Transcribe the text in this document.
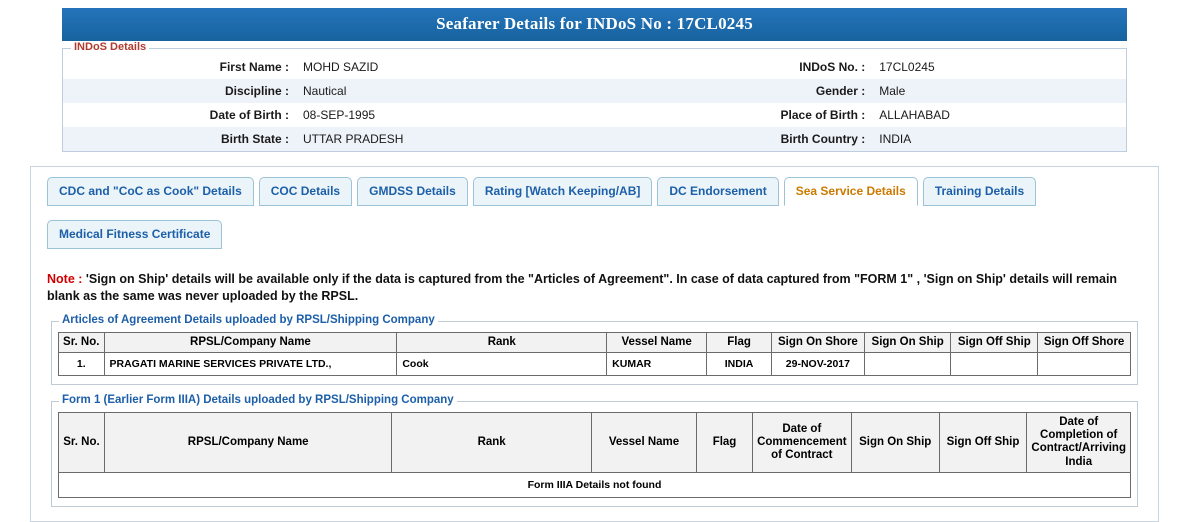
Seafarer Details for INDoS No : 17CL0245
INDoS Details
First Name :	MOHD SAZID	INDoS No. :	17CL0245
Discipline :	Nautical	Gender :	Male
Date of Birth :	08-SEP-1995	Place of Birth :	ALLAHABAD
Birth State :	UTTAR PRADESH	Birth Country :	INDIA
CDC and "CoC as Cook" Details	COC Details	GMDSS Details	Rating [Watch Keeping/AB]	DC Endorsement	Sea Service Details	Training Details
Medical Fitness Certificate
Note : 'Sign on Ship' details will be available only if the data is captured from the "Articles of Agreement". In case of data captured from "FORM 1" , 'Sign on Ship' details will remain blank as the same was never uploaded by the RPSL.
Articles of Agreement Details uploaded by RPSL/Shipping Company
Sr. No.	RPSL/Company Name	Rank	Vessel Name	Flag	Sign On Shore	Sign On Ship	Sign Off Ship	Sign Off Shore
1.	PRAGATI MARINE SERVICES PRIVATE LTD.,	Cook	KUMAR	INDIA	29-NOV-2017			
Form 1 (Earlier Form IIIA) Details uploaded by RPSL/Shipping Company
Sr. No.	RPSL/Company Name	Rank	Vessel Name	Flag	Date of Commencement of Contract	Sign On Ship	Sign Off Ship	Date of Completion of Contract/Arriving India
Form IIIA Details not found
